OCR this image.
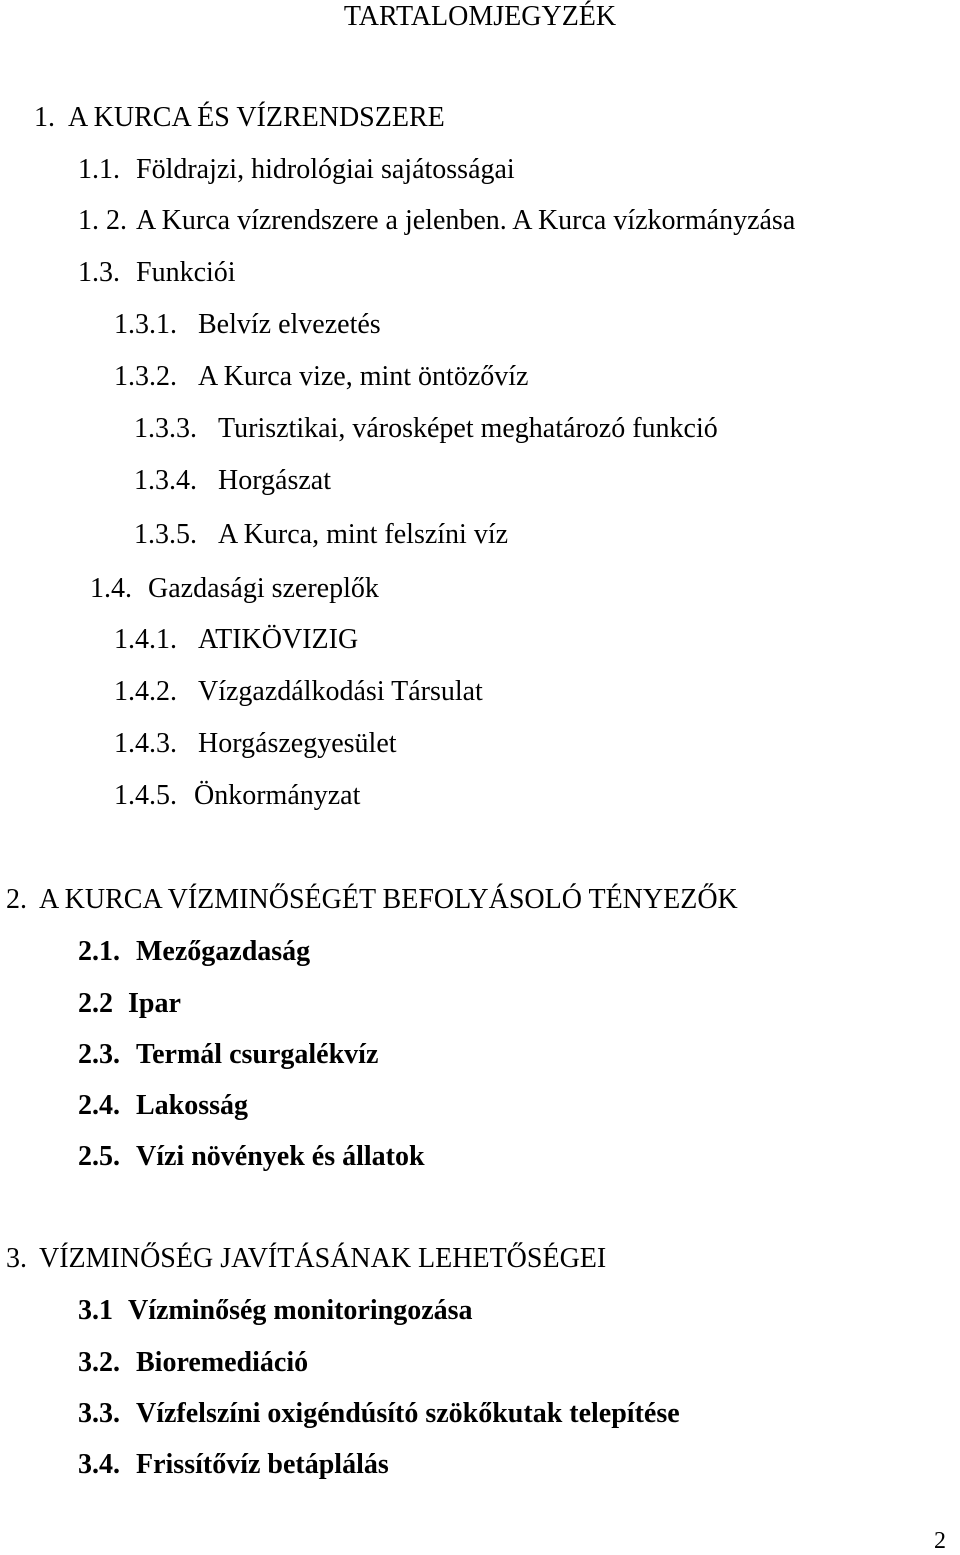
TARTALOMJEGYZÉK
1. A KURCA ÉS VÍZRENDSZERE
1.1. Földrajzi, hidrológiai sajátosságai
1. 2. A Kurca vízrendszere a jelenben. A Kurca vízkormányzása
1.3. Funkciói
1.3.1. Belvíz elvezetés
1.3.2. A Kurca vize, mint öntözővíz
1.3.3. Turisztikai, városképet meghatározó funkció
1.3.4. Horgászat
1.3.5. A Kurca, mint felszíni víz
1.4. Gazdasági szereplők
1.4.1. ATIKÖVIZIG
1.4.2. Vízgazdálkodási Társulat
1.4.3. Horgászegyesület
1.4.5. Önkormányzat
2. A KURCA VÍZMINŐSÉGÉT BEFOLYÁSOLÓ TÉNYEZŐK
2.1. Mezőgazdaság
2.2 Ipar
2.3. Termál csurgalékvíz
2.4. Lakosság
2.5. Vízi növények és állatok
3. VÍZMINŐSÉG JAVÍTÁSÁNAK LEHETŐSÉGEI
3.1 Vízminőség monitoringozása
3.2. Bioremediáció
3.3. Vízfelszíni oxigéndúsító szökőkutak telepítése
3.4. Frissítővíz betáplálás
2
